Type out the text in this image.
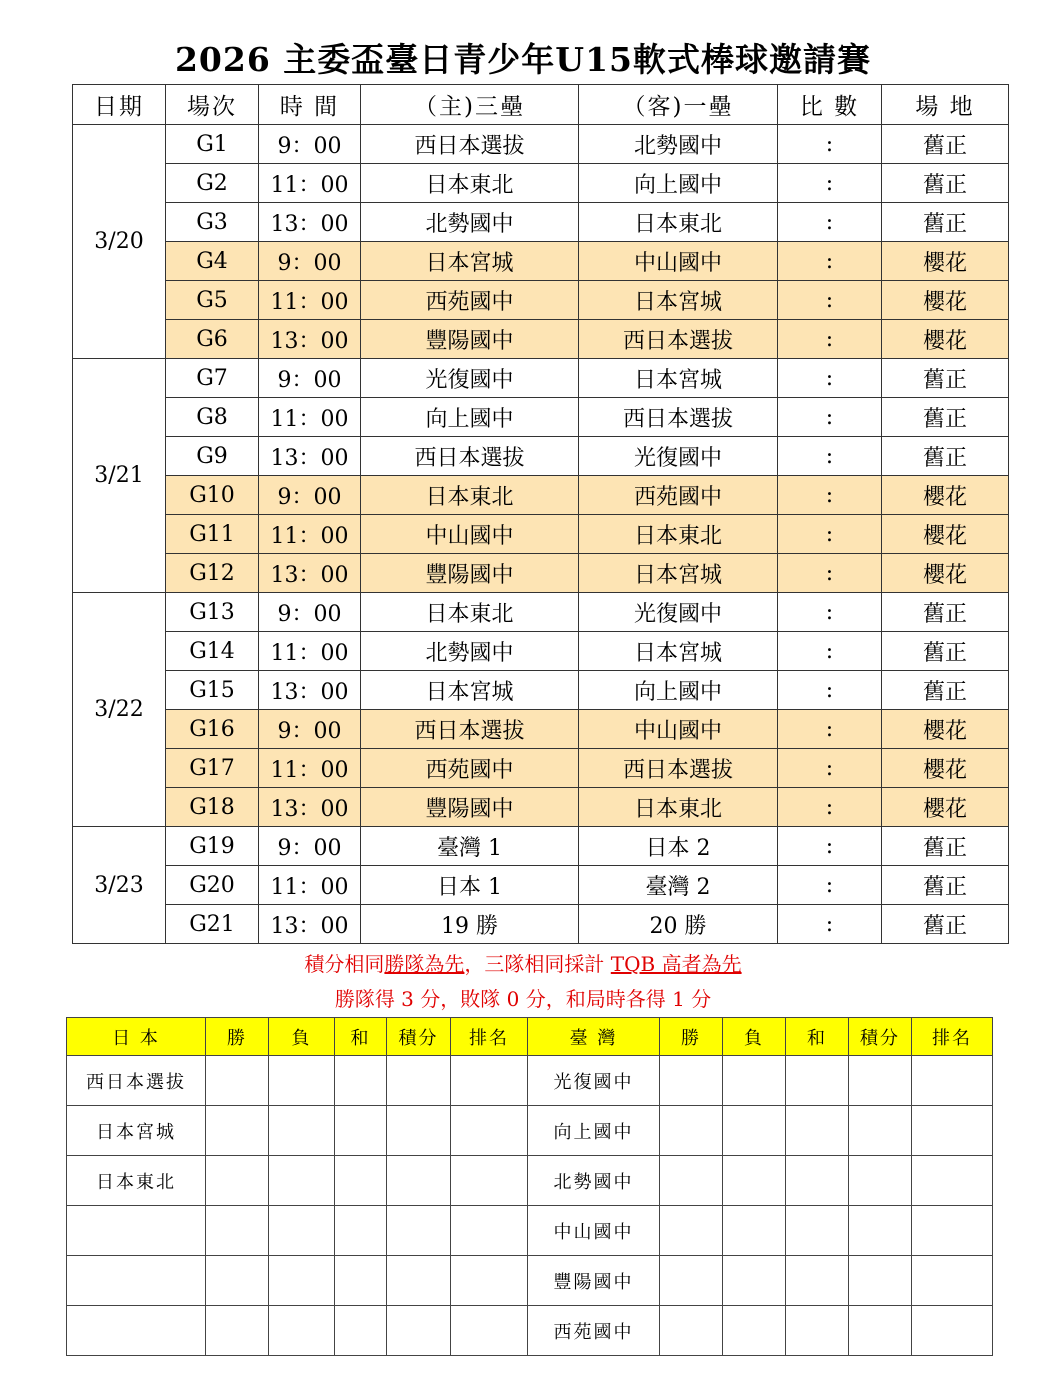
2026 主委盃臺日青少年U15軟式棒球邀請賽
日期	場次	時 間	（主)三壘	（客)一壘	比 數	場 地
3/20	G1	9：00	西日本選拔	北勢國中	:	舊正
	G2	11：00	日本東北	向上國中	:	舊正
	G3	13：00	北勢國中	日本東北	:	舊正
	G4	9：00	日本宮城	中山國中	:	櫻花
	G5	11：00	西苑國中	日本宮城	:	櫻花
	G6	13：00	豐陽國中	西日本選拔	:	櫻花
3/21	G7	9：00	光復國中	日本宮城	:	舊正
	G8	11：00	向上國中	西日本選拔	:	舊正
	G9	13：00	西日本選拔	光復國中	:	舊正
	G10	9：00	日本東北	西苑國中	:	櫻花
	G11	11：00	中山國中	日本東北	:	櫻花
	G12	13：00	豐陽國中	日本宮城	:	櫻花
3/22	G13	9：00	日本東北	光復國中	:	舊正
	G14	11：00	北勢國中	日本宮城	:	舊正
	G15	13：00	日本宮城	向上國中	:	舊正
	G16	9：00	西日本選拔	中山國中	:	櫻花
	G17	11：00	西苑國中	西日本選拔	:	櫻花
	G18	13：00	豐陽國中	日本東北	:	櫻花
3/23	G19	9：00	臺灣 1	日本 2	:	舊正
	G20	11：00	日本 1	臺灣 2	:	舊正
	G21	13：00	19 勝	20 勝	:	舊正
積分相同勝隊為先，三隊相同採計 TQB 高者為先
勝隊得 3 分，敗隊 0 分，和局時各得 1 分
日 本	勝	負	和	積分	排名	臺 灣	勝	負	和	積分	排名
西日本選拔						光復國中					
日本宮城						向上國中					
日本東北						北勢國中					
						中山國中					
						豐陽國中					
						西苑國中					
